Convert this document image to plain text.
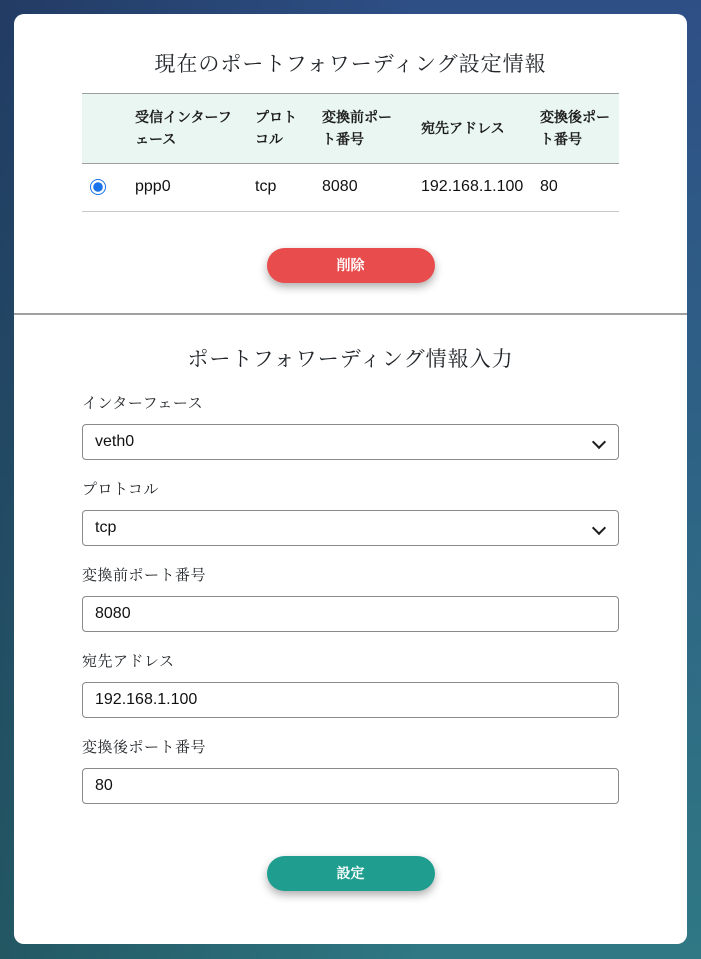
現在のポートフォワーディング設定情報
	受信インターフェース	プロトコル	変換前ポート番号	宛先アドレス	変換後ポート番号
	ppp0	tcp	8080	192.168.1.100	80
削除
ポートフォワーディング情報入力
インターフェース
veth0
プロトコル
tcp
変換前ポート番号
8080
宛先アドレス
192.168.1.100
変換後ポート番号
80
設定
